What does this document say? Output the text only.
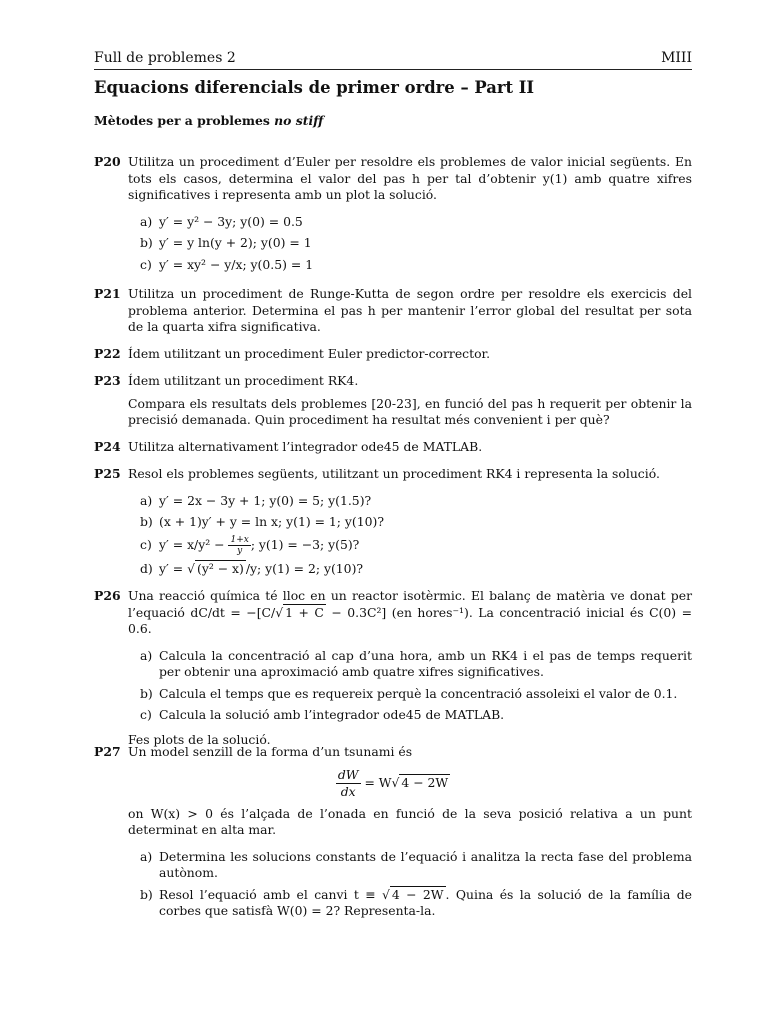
Full de problemes 2	MIII
Equacions diferencials de primer ordre – Part II
Mètodes per a problemes no stiff
P20 Utilitza un procediment d’Euler per resoldre els problemes de valor inicial següents. En tots els casos, determina el valor del pas h per tal d’obtenir y(1) amb quatre xifres significatives i representa amb un plot la solució.
a) y′ = y² − 3y; y(0) = 0.5
b) y′ = y ln(y + 2); y(0) = 1
c) y′ = xy² − y/x; y(0.5) = 1
P21 Utilitza un procediment de Runge-Kutta de segon ordre per resoldre els exercicis del problema anterior. Determina el pas h per mantenir l’error global del resultat per sota de la quarta xifra significativa.
P22 Ídem utilitzant un procediment Euler predictor-corrector.
P23 Ídem utilitzant un procediment RK4.
Compara els resultats dels problemes [20-23], en funció del pas h requerit per obtenir la precisió demanada. Quin procediment ha resultat més convenient i per què?
P24 Utilitza alternativament l’integrador ode45 de MATLAB.
P25 Resol els problemes següents, utilitzant un procediment RK4 i representa la solució.
a) y′ = 2x − 3y + 1; y(0) = 5; y(1.5)?
b) (x + 1)y′ + y = ln x; y(1) = 1; y(10)?
c) $y' = x/y^2 - \frac{1+x}{y}$ ; y(1) = −3; y(5)?
d) y′ = √ (y² − x) /y; y(1) = 2; y(10)?
P26 Una reacció química té lloc en un reactor isotèrmic. El balanç de matèria ve donat per l’equació dC/dt = −[C/√ 1 + C − 0.3C²] (en hores⁻¹). La concentració inicial és C(0) = 0.6.
a) Calcula la concentració al cap d’una hora, amb un RK4 i el pas de temps requerit per obtenir una aproximació amb quatre xifres significatives.
b) Calcula el temps que es requereix perquè la concentració assoleixi el valor de 0.1.
c) Calcula la solució amb l’integrador ode45 de MATLAB.
Fes plots de la solució.
P27 Un model senzill de la forma d’un tsunami és
$\frac{dW}{dx} = W√$ 4 − 2W
on W(x) > 0 és l’alçada de l’onada en funció de la seva posició relativa a un punt determinat en alta mar.
a) Determina les solucions constants de l’equació i analitza la recta fase del problema autònom.
b) Resol l’equació amb el canvi t ≡ √ 4 − 2W . Quina és la solució de la família de corbes que satisfà W(0) = 2? Representa-la.
